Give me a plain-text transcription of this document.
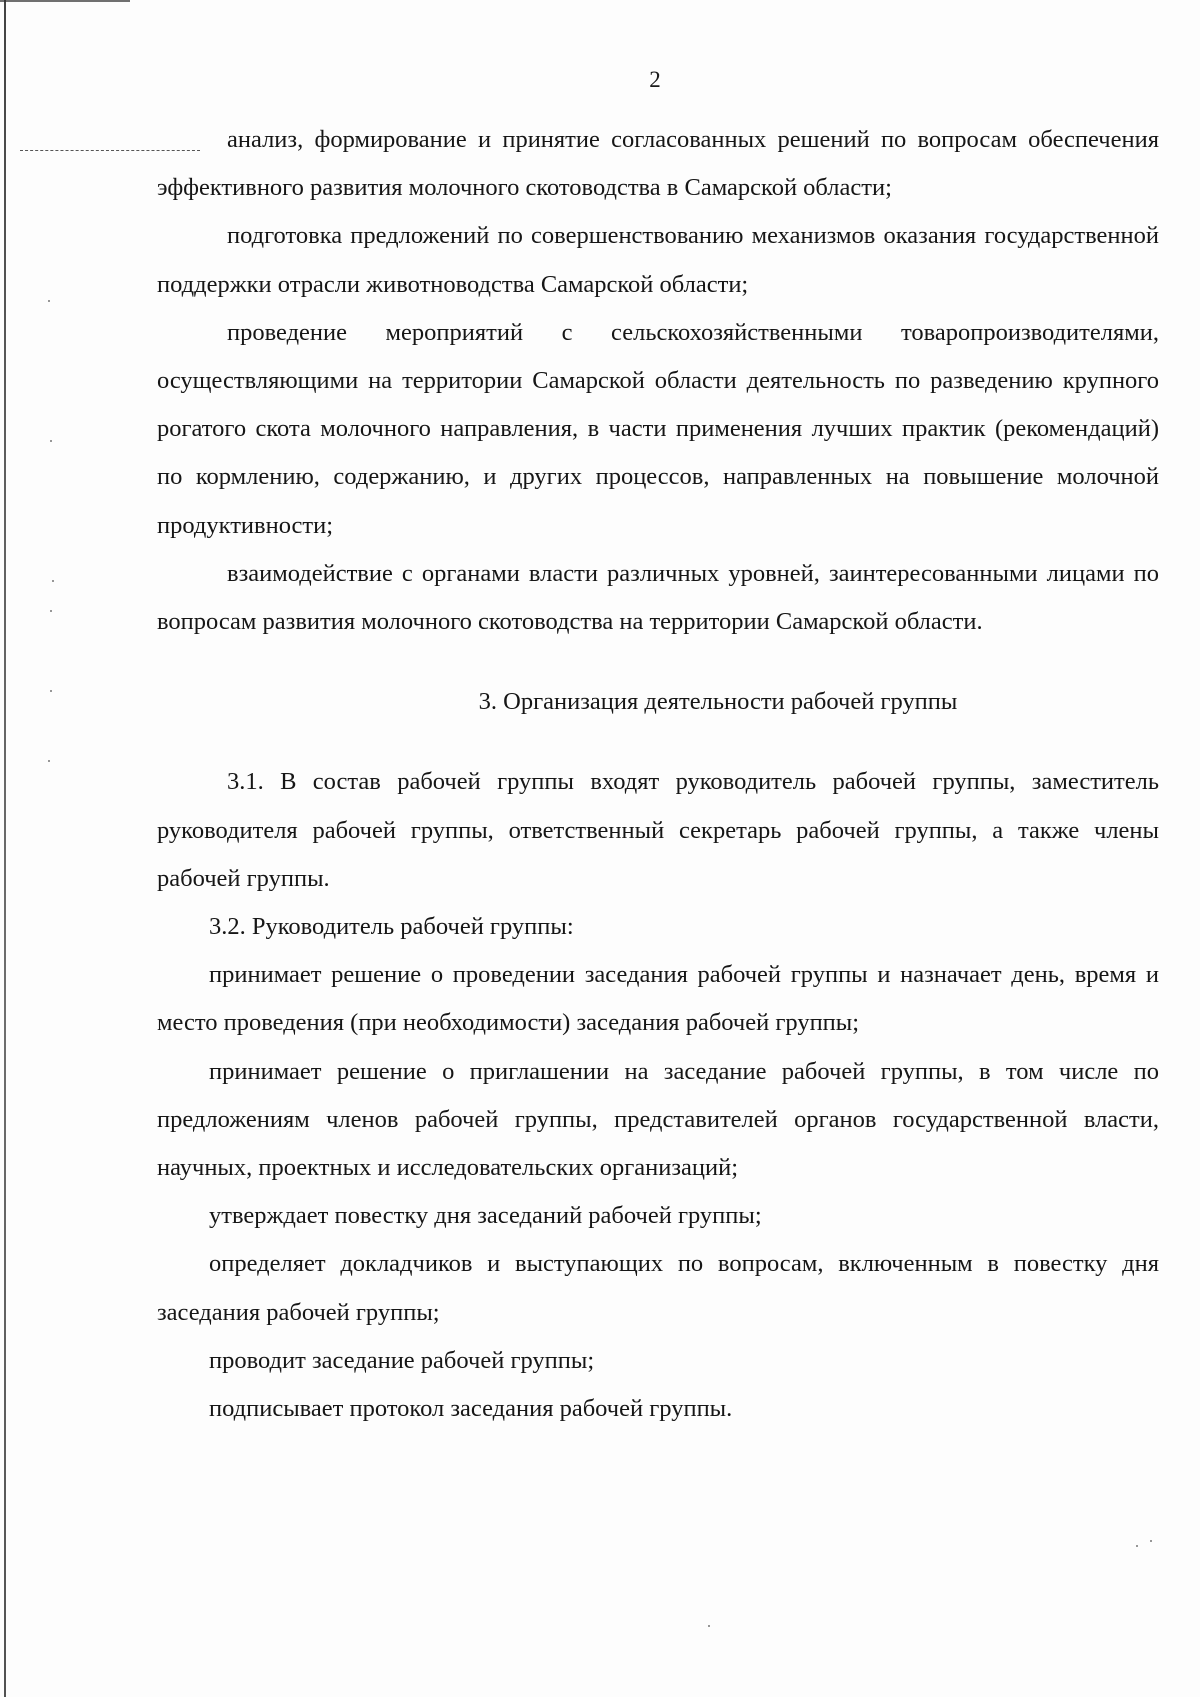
2

анализ, формирование и принятие согласованных решений по вопросам обеспечения эффективного развития молочного скотоводства в Самарской области;

подготовка предложений по совершенствованию механизмов оказания государственной поддержки отрасли животноводства Самарской области;

проведение мероприятий с сельскохозяйственными товаропроизводителями, осуществляющими на территории Самарской области деятельность по разведению крупного рогатого скота молочного направления, в части применения лучших практик (рекомендаций) по кормлению, содержанию, и других процессов, направленных на повышение молочной продуктивности;

взаимодействие с органами власти различных уровней, заинтересованными лицами по вопросам развития молочного скотоводства на территории Самарской области.

3. Организация деятельности рабочей группы

3.1. В состав рабочей группы входят руководитель рабочей группы, заместитель руководителя рабочей группы, ответственный секретарь рабочей группы, а также члены рабочей группы.

3.2. Руководитель рабочей группы:

принимает решение о проведении заседания рабочей группы и назначает день, время и место проведения (при необходимости) заседания рабочей группы;

принимает решение о приглашении на заседание рабочей группы, в том числе по предложениям членов рабочей группы, представителей органов государственной власти, научных, проектных и исследовательских организаций;

утверждает повестку дня заседаний рабочей группы;

определяет докладчиков и выступающих по вопросам, включенным в повестку дня заседания рабочей группы;

проводит заседание рабочей группы;

подписывает протокол заседания рабочей группы.
